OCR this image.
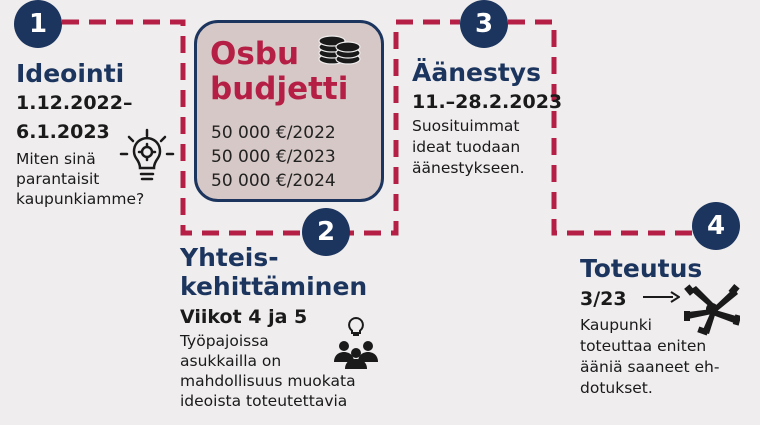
Osbu
budjetti
50 000 €/2022
50 000 €/2023
50 000 €/2024
1
Ideointi
1.12.2022–
6.1.2023
Miten sinä
parantaisit
kaupunkiamme?
2
Yhteis-
kehittäminen
Viikot 4 ja 5
Työpajoissa
asukkailla on
mahdollisuus muokata
ideoista toteutettavia
3
Äänestys
11.–28.2.2023
Suosituimmat
ideat tuodaan
äänestykseen.
4
Toteutus
3/23
Kaupunki
toteuttaa eniten
ääniä saaneet eh-
dotukset.
